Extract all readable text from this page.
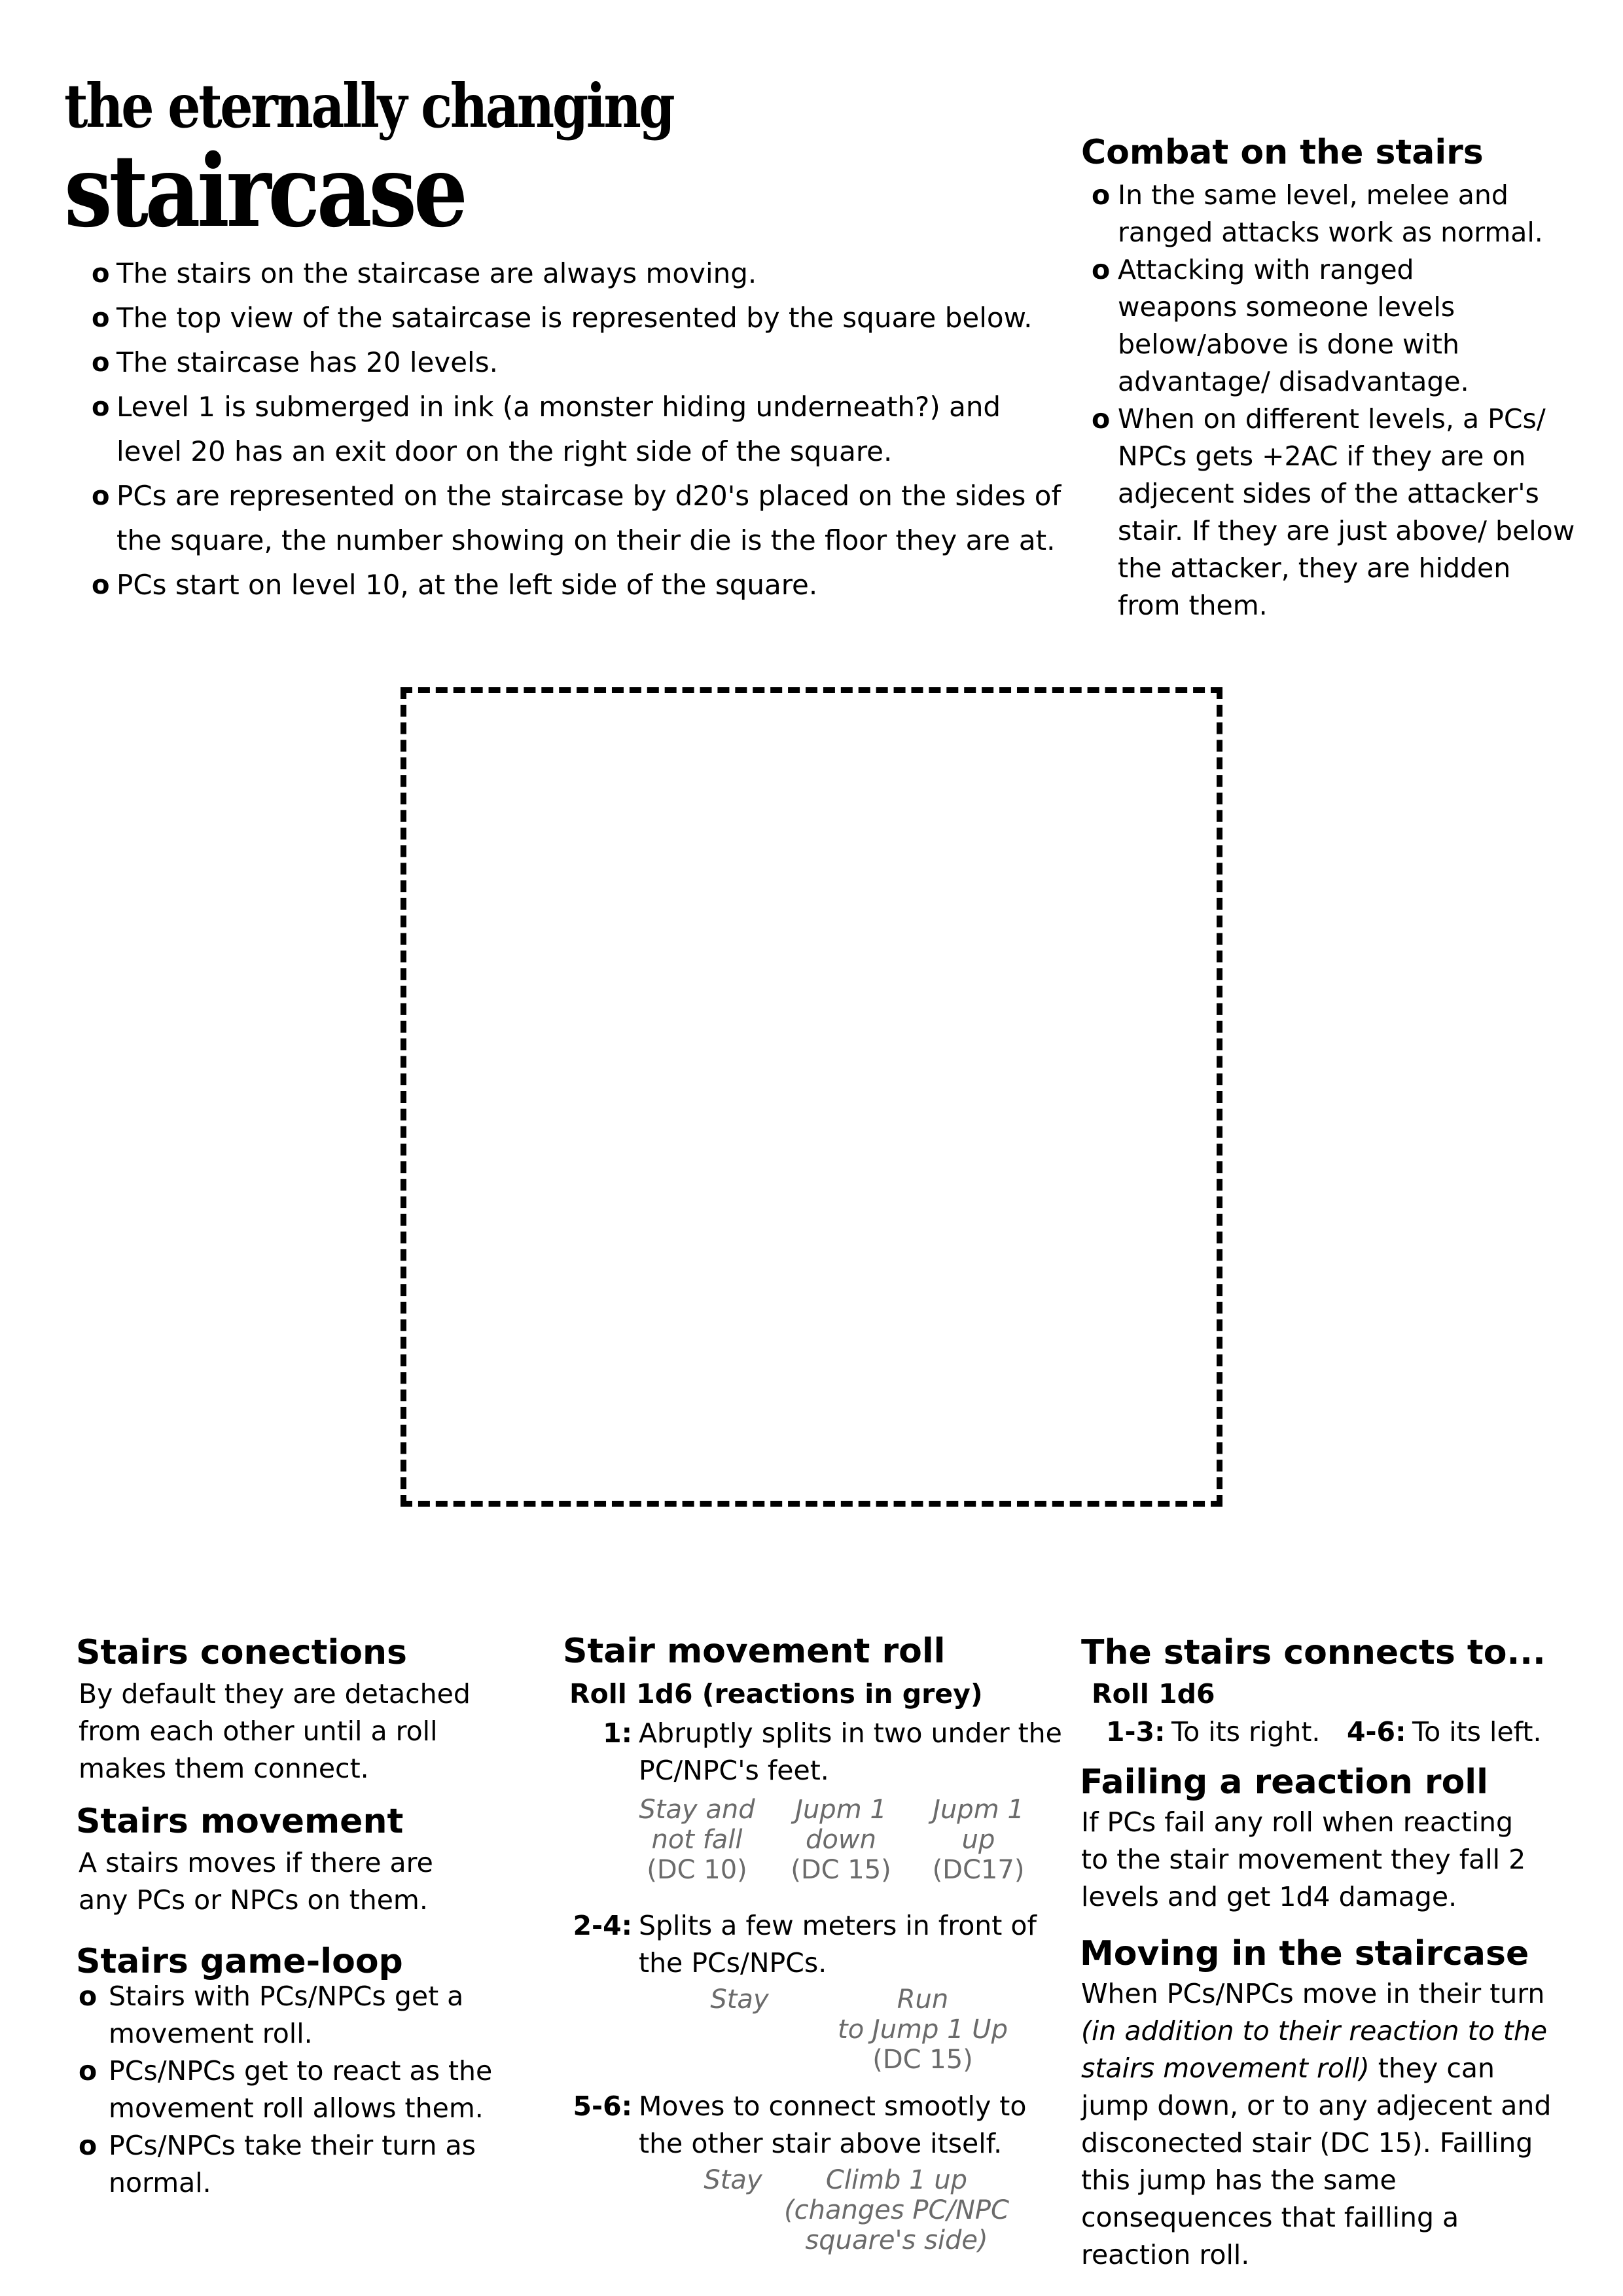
the eternally changing
staircase
o The stairs on the staircase are always moving.
o The top view of the sataircase is represented by the square below.
o The staircase has 20 levels.
o Level 1 is submerged in ink (a monster hiding underneath?) and level 20 has an exit door on the right side of the square.
o PCs are represented on the staircase by d20's placed on the sides of the square, the number showing on their die is the floor they are at.
o PCs start on level 10, at the left side of the square.
Combat on the stairs
o In the same level, melee and ranged attacks work as normal.
o Attacking with ranged weapons someone levels below/above is done with advantage/ disadvantage.
o When on different levels, a PCs/ NPCs gets +2AC if they are on adjecent sides of the attacker's stair. If they are just above/ below the attacker, they are hidden from them.
Stairs conections
By default they are detached from each other until a roll makes them connect.
Stairs movement
A stairs moves if there are any PCs or NPCs on them.
Stairs game-loop
o Stairs with PCs/NPCs get a movement roll.
o PCs/NPCs get to react as the movement roll allows them.
o PCs/NPCs take their turn as normal.
Stair movement roll
Roll 1d6 (reactions in grey)
1: Abruptly splits in two under the PC/NPC's feet.
Stay and
not fall
(DC 10)
Jupm 1
down
(DC 15)
Jupm 1
up
(DC17)
2-4: Splits a few meters in front of the PCs/NPCs.
Stay	Run
to Jump 1 Up
(DC 15)
5-6: Moves to connect smootly to the other stair above itself.
Stay	Climb 1 up
(changes PC/NPC
square's side)
The stairs connects to...
Roll 1d6
1-3: To its right. 4-6: To its left.
Failing a reaction roll
If PCs fail any roll when reacting to the stair movement they fall 2 levels and get 1d4 damage.
Moving in the staircase
When PCs/NPCs move in their turn (in addition to their reaction to the stairs movement roll) they can jump down, or to any adjecent and disconected stair (DC 15). Failling this jump has the same consequences that failling a reaction roll.
